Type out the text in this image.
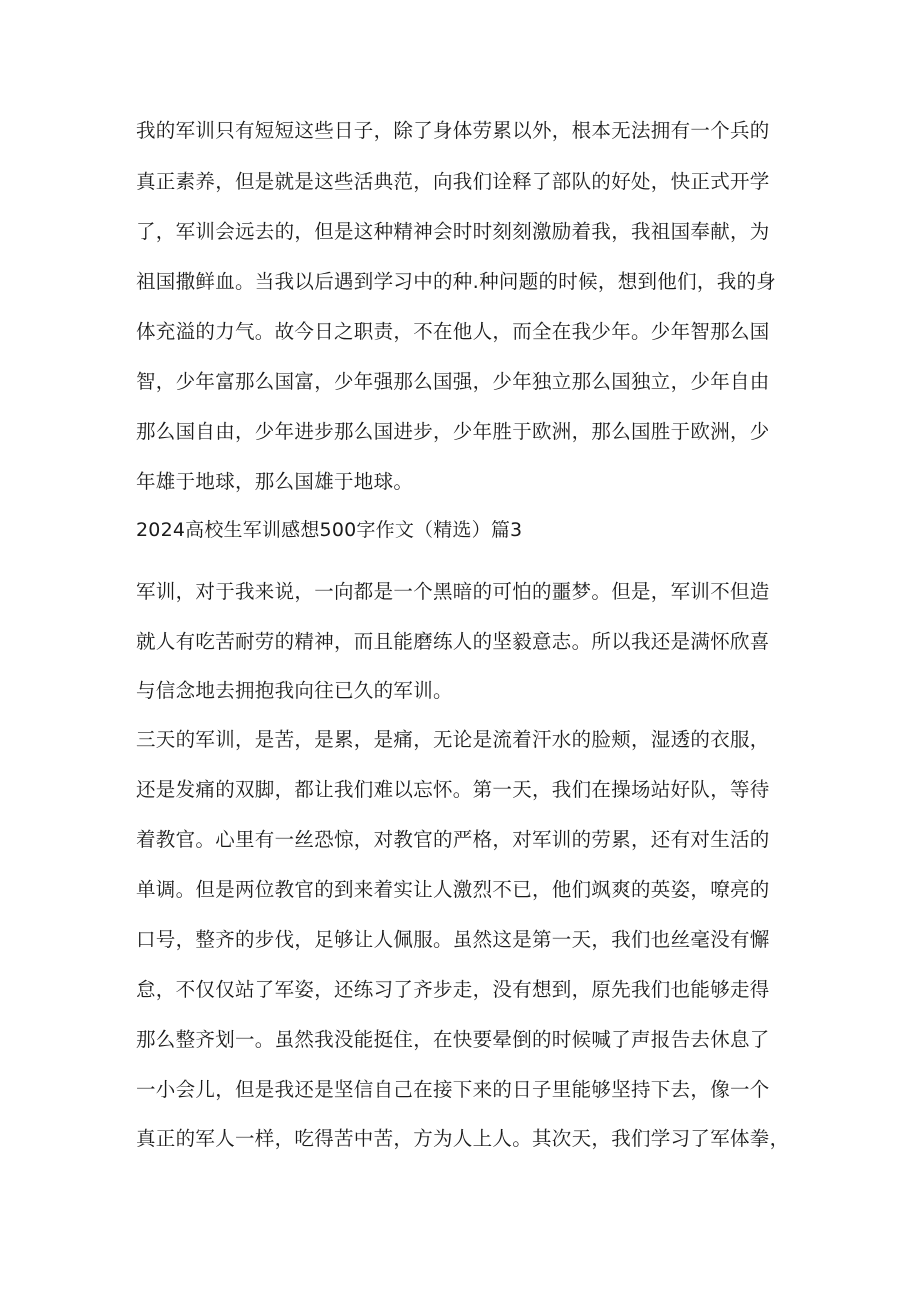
我的军训只有短短这些日子，除了身体劳累以外，根本无法拥有一个兵的
真正素养，但是就是这些活典范，向我们诠释了部队的好处，快正式开学
了，军训会远去的，但是这种精神会时时刻刻激励着我，我祖国奉献，为
祖国撒鲜血。当我以后遇到学习中的种.种问题的时候，想到他们，我的身
体充溢的力气。故今日之职责，不在他人，而全在我少年。少年智那么国
智，少年富那么国富，少年强那么国强，少年独立那么国独立，少年自由
那么国自由，少年进步那么国进步，少年胜于欧洲，那么国胜于欧洲，少
年雄于地球，那么国雄于地球。
2024高校生军训感想500字作文（精选）篇3
军训，对于我来说，一向都是一个黑暗的可怕的噩梦。但是，军训不但造
就人有吃苦耐劳的精神，而且能磨练人的坚毅意志。所以我还是满怀欣喜
与信念地去拥抱我向往已久的军训。
三天的军训，是苦，是累，是痛，无论是流着汗水的脸颊，湿透的衣服，
还是发痛的双脚，都让我们难以忘怀。第一天，我们在操场站好队，等待
着教官。心里有一丝恐惊，对教官的严格，对军训的劳累，还有对生活的
单调。但是两位教官的到来着实让人激烈不已，他们飒爽的英姿，嘹亮的
口号，整齐的步伐，足够让人佩服。虽然这是第一天，我们也丝毫没有懈
怠，不仅仅站了军姿，还练习了齐步走，没有想到，原先我们也能够走得
那么整齐划一。虽然我没能挺住，在快要晕倒的时候喊了声报告去休息了
一小会儿，但是我还是坚信自己在接下来的日子里能够坚持下去，像一个
真正的军人一样，吃得苦中苦，方为人上人。其次天，我们学习了军体拳，
